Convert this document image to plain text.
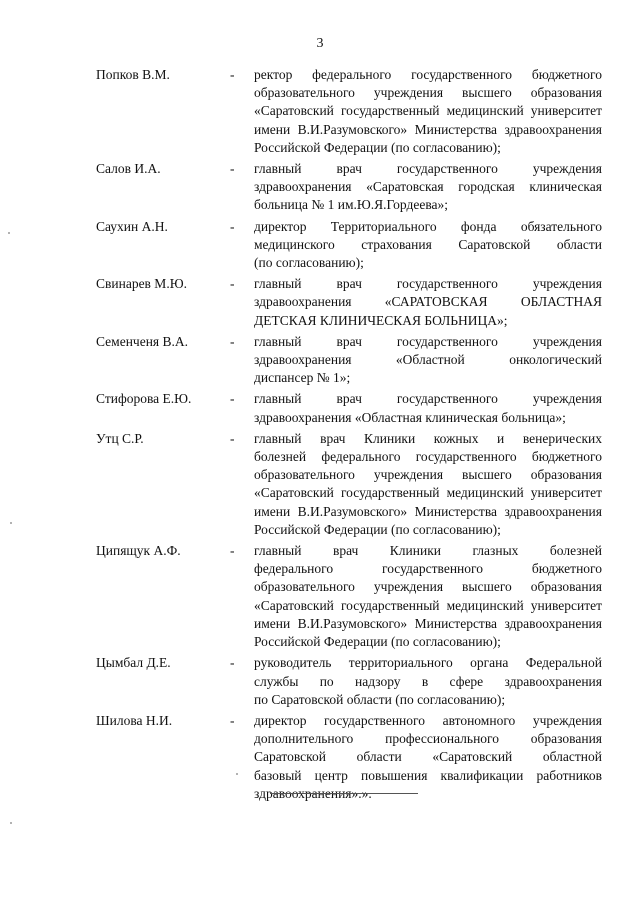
3
Попков В.М.	-	ректор федерального государственного бюджетного
образовательного учреждения высшего образования
«Саратовский государственный медицинский университет
имени В.И.Разумовского» Министерства здравоохранения
Российской Федерации (по согласованию);
Салов И.А.	-	главный врач государственного учреждения
здравоохранения «Саратовская городская клиническая
больница № 1 им.Ю.Я.Гордеева»;
Саухин А.Н.	-	директор Территориального фонда обязательного
медицинского страхования Саратовской области
(по согласованию);
Свинарев М.Ю.	-	главный врач государственного учреждения
здравоохранения «САРАТОВСКАЯ ОБЛАСТНАЯ
ДЕТСКАЯ КЛИНИЧЕСКАЯ БОЛЬНИЦА»;
Семенченя В.А.	-	главный врач государственного учреждения
здравоохранения «Областной онкологический
диспансер № 1»;
Стифорова Е.Ю.	-	главный врач государственного учреждения
здравоохранения «Областная клиническая больница»;
Утц С.Р.	-	главный врач Клиники кожных и венерических
болезней федерального государственного бюджетного
образовательного учреждения высшего образования
«Саратовский государственный медицинский университет
имени В.И.Разумовского» Министерства здравоохранения
Российской Федерации (по согласованию);
Ципящук А.Ф.	-	главный врач Клиники глазных болезней
федерального государственного бюджетного
образовательного учреждения высшего образования
«Саратовский государственный медицинский университет
имени В.И.Разумовского» Министерства здравоохранения
Российской Федерации (по согласованию);
Цымбал Д.Е.	-	руководитель территориального органа Федеральной
службы по надзору в сфере здравоохранения
по Саратовской области (по согласованию);
Шилова Н.И.	-	директор государственного автономного учреждения
дополнительного профессионального образования
Саратовской области «Саратовский областной
базовый центр повышения квалификации работников
здравоохранения».».
